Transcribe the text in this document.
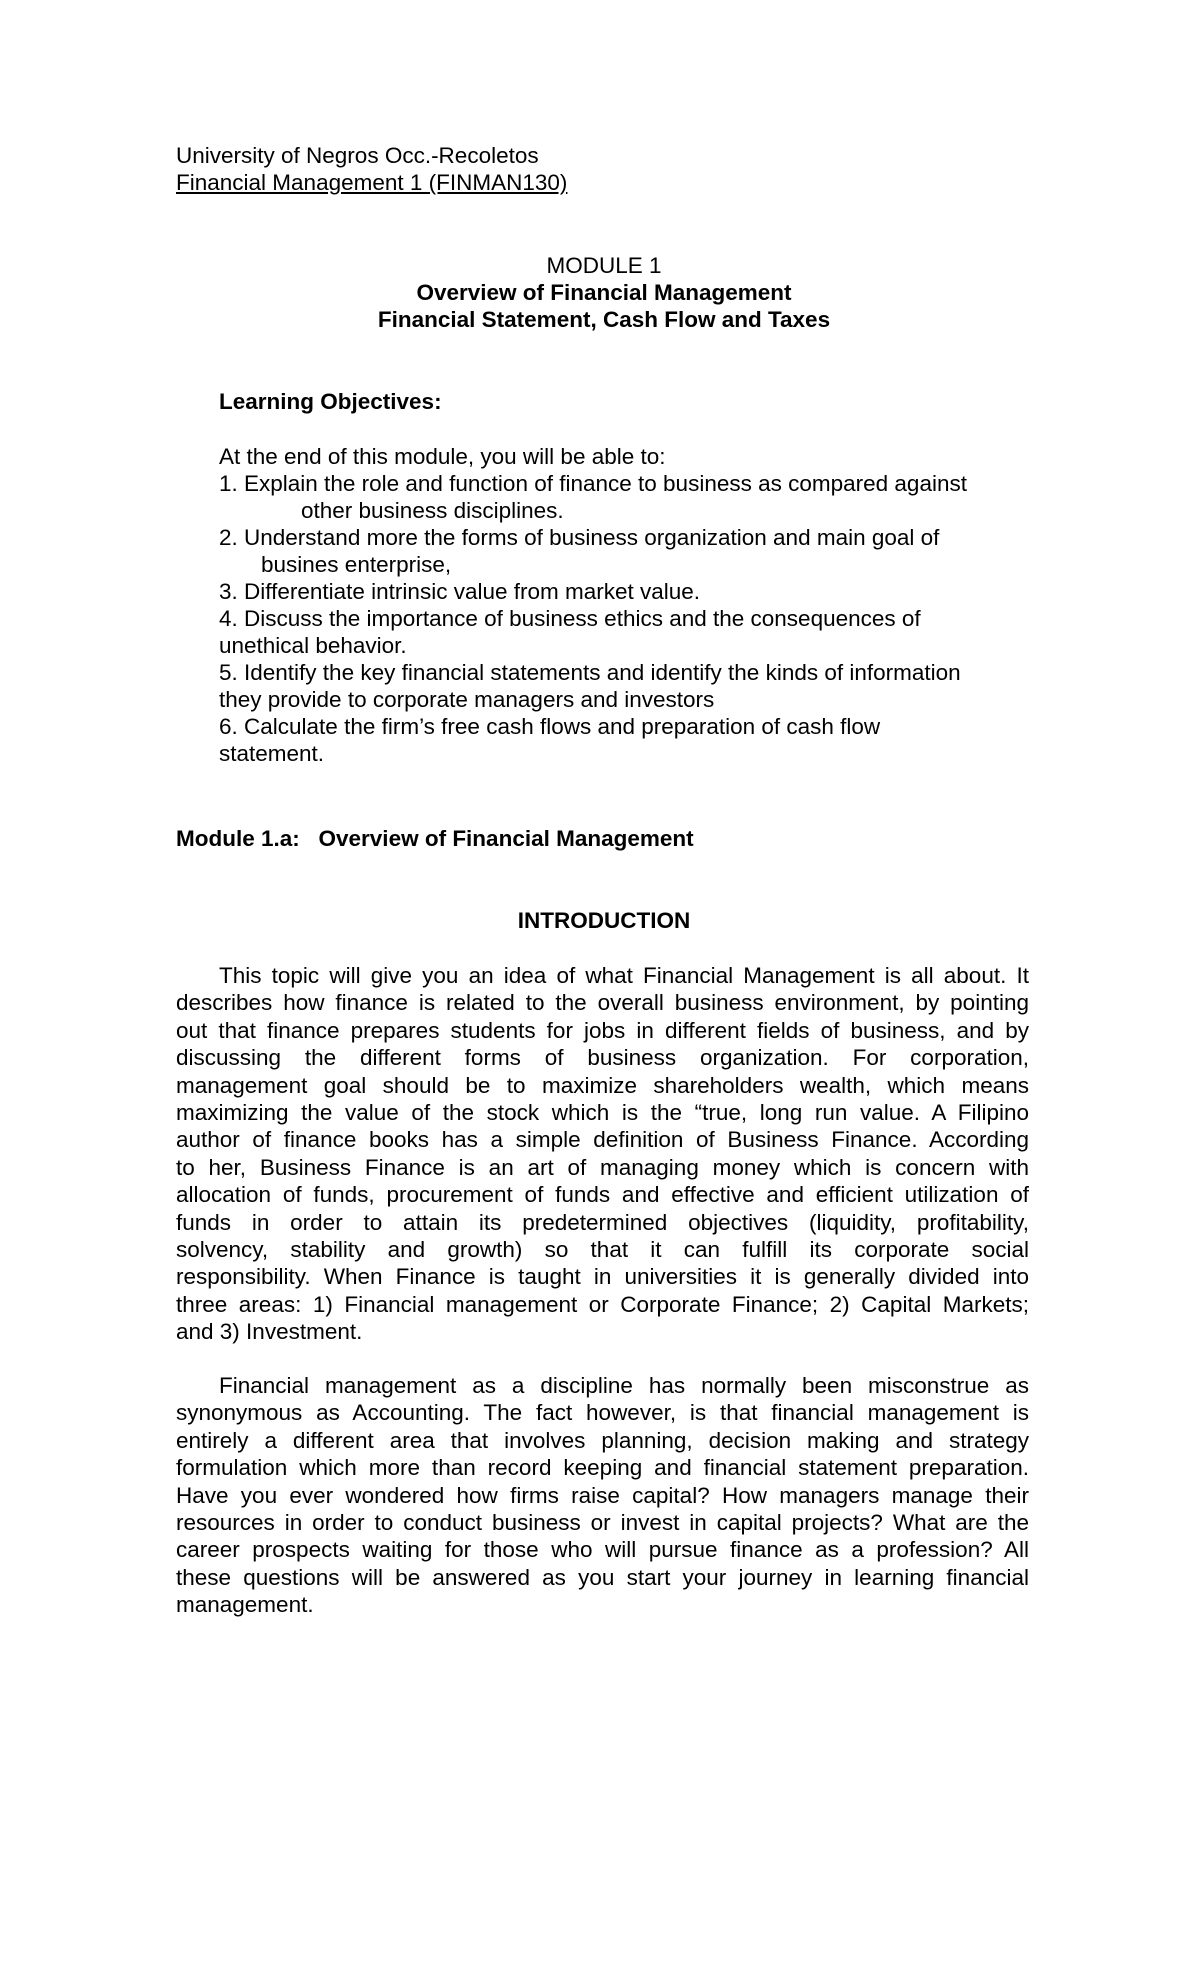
University of Negros Occ.-Recoletos
Financial Management 1 (FINMAN130)
MODULE 1
Overview of Financial Management
Financial Statement, Cash Flow and Taxes
Learning Objectives:
At the end of this module, you will be able to:
1. Explain the role and function of finance to business as compared against
other business disciplines.
2. Understand more the forms of business organization and main goal of
busines enterprise,
3. Differentiate intrinsic value from market value.
4. Discuss the importance of business ethics and the consequences of
unethical behavior.
5. Identify the key financial statements and identify the kinds of information
they provide to corporate managers and investors
6. Calculate the firm’s free cash flows and preparation of cash flow
statement.
Module 1.a:   Overview of Financial Management
INTRODUCTION
This topic will give you an idea of what Financial Management is all about. It
describes how finance is related to the overall business environment, by pointing
out that finance prepares students for jobs in different fields of business, and by
discussing the different forms of business organization. For corporation,
management goal should be to maximize shareholders wealth, which means
maximizing the value of the stock which is the “true, long run value. A Filipino
author of finance books has a simple definition of Business Finance. According
to her, Business Finance is an art of managing money which is concern with
allocation of funds, procurement of funds and effective and efficient utilization of
funds in order to attain its predetermined objectives (liquidity, profitability,
solvency, stability and growth) so that it can fulfill its corporate social
responsibility. When Finance is taught in universities it is generally divided into
three areas: 1) Financial management or Corporate Finance; 2) Capital Markets;
and 3) Investment.
Financial management as a discipline has normally been misconstrue as
synonymous as Accounting. The fact however, is that financial management is
entirely a different area that involves planning, decision making and strategy
formulation which more than record keeping and financial statement preparation.
Have you ever wondered how firms raise capital? How managers manage their
resources in order to conduct business or invest in capital projects? What are the
career prospects waiting for those who will pursue finance as a profession? All
these questions will be answered as you start your journey in learning financial
management.
